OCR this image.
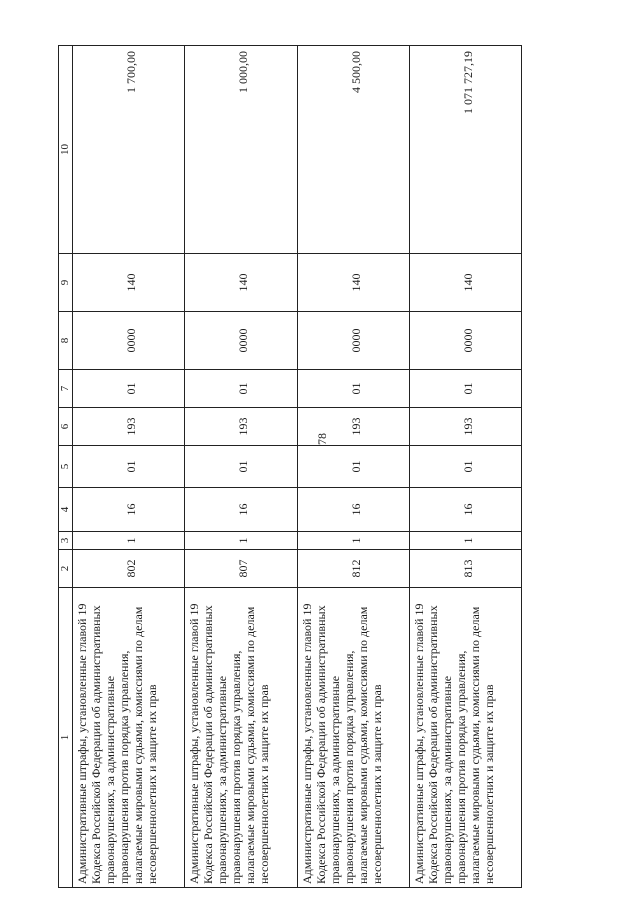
78
1	2	3	4	5	6	7	8	9	10
Административные штрафы, установленные главой 19 Кодекса Российской Федерации об административных правонарушениях, за административные правонарушения против порядка управления, налагаемые мировыми судьями, комиссиями по делам несовершеннолетних и защите их прав	802	1	16	01	193	01	0000	140	1 700,00
Административные штрафы, установленные главой 19 Кодекса Российской Федерации об административных правонарушениях, за административные правонарушения против порядка управления, налагаемые мировыми судьями, комиссиями по делам несовершеннолетних и защите их прав	807	1	16	01	193	01	0000	140	1 000,00
Административные штрафы, установленные главой 19 Кодекса Российской Федерации об административных правонарушениях, за административные правонарушения против порядка управления, налагаемые мировыми судьями, комиссиями по делам несовершеннолетних и защите их прав	812	1	16	01	193	01	0000	140	4 500,00
Административные штрафы, установленные главой 19 Кодекса Российской Федерации об административных правонарушениях, за административные правонарушения против порядка управления, налагаемые мировыми судьями, комиссиями по делам несовершеннолетних и защите их прав	813	1	16	01	193	01	0000	140	1 071 727,19
